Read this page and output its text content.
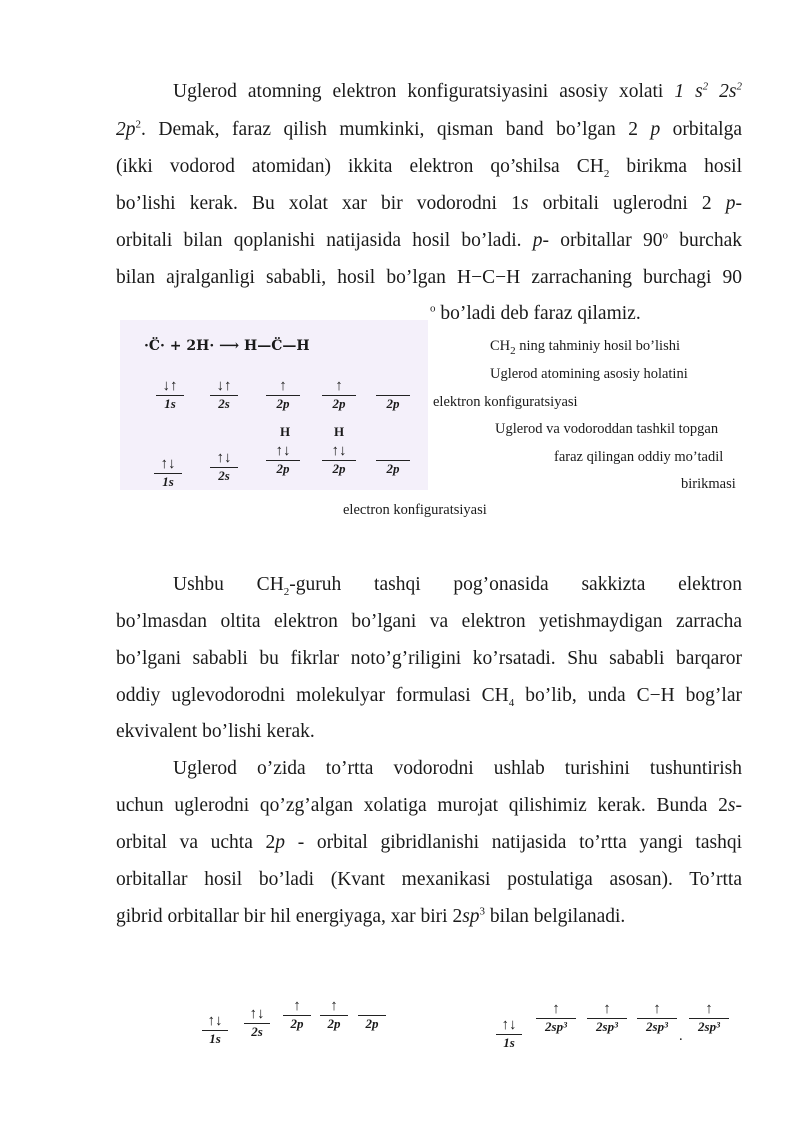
Uglerod atomning elektron konfiguratsiyasini asosiy xolati 1 $s^2$ $2s^2$
$2p^2$. Demak, faraz qilish mumkinki, qisman band bo’lgan 2 p orbitalga
(ikki vodorod atomidan) ikkita elektron qo’shilsa $CH_2$ birikma hosil
bo’lishi kerak. Bu xolat xar bir vodorodni 1s orbitali uglerodni 2 p-
orbitali bilan qoplanishi natijasida hosil bo’ladi. p- orbitallar 90$^o$ burchak
bilan ajralganligi sababli, hosil bo’lgan H−C−H zarrachaning burchagi 90
$^o$ bo’ladi deb faraz qilamiz.
·C̈· + 2H· ⟶ H—C̈—H
↓↑
1s
↓↑
2s
↑
2p
↑
2p	2p
H	H
↑↓
1s
↑↓
2s
↑↓
2p
↑↓
2p	2p
$CH_2$ ning tahminiy hosil bo’lishi
Uglerod atomining asosiy holatini
elektron konfiguratsiyasi
Uglerod va vodoroddan tashkil topgan
faraz qilingan oddiy mo’tadil
birikmasi
electron konfiguratsiyasi
Ushbu $CH_2$-guruh tashqi pog’onasida sakkizta elektron
bo’lmasdan oltita elektron bo’lgani va elektron yetishmaydigan zarracha
bo’lgani sababli bu fikrlar noto’g’riligini ko’rsatadi. Shu sababli barqaror
oddiy uglevodorodni molekulyar formulasi $CH_4$ bo’lib, unda C−H bog’lar
ekvivalent bo’lishi kerak.
Uglerod o’zida to’rtta vodorodni ushlab turishini tushuntirish
uchun uglerodni qo’zg’algan xolatiga murojat qilishimiz kerak. Bunda 2s-
orbital va uchta 2p - orbital gibridlanishi natijasida to’rtta yangi tashqi
orbitallar hosil bo’ladi (Kvant mexanikasi postulatiga asosan). To’rtta
gibrid orbitallar bir hil energiyaga, xar biri $2sp^3$ bilan belgilanadi.
↑↓
1s
↑↓
2s
↑
2p
↑
2p	2p	↑↓
1s
↑
2sp³
↑
2sp³
↑
2sp³
.
↑
2sp³
